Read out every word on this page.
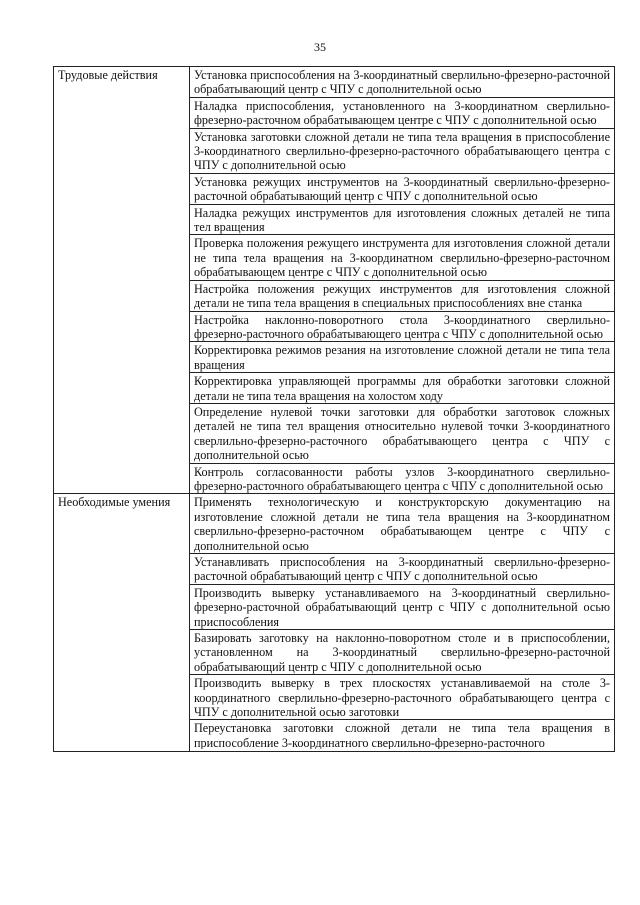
35
Трудовые действия	Установка приспособления на 3-координатный сверлильно-фрезерно-расточной обрабатывающий центр с ЧПУ с дополнительной осью
	Наладка приспособления, установленного на 3-координатном сверлильно-фрезерно-расточном обрабатывающем центре с ЧПУ с дополнительной осью
	Установка заготовки сложной детали не типа тела вращения в приспособление 3-координатного сверлильно-фрезерно-расточного обрабатывающего центра с ЧПУ с дополнительной осью
	Установка режущих инструментов на 3-координатный сверлильно-фрезерно-расточной обрабатывающий центр с ЧПУ с дополнительной осью
	Наладка режущих инструментов для изготовления сложных деталей не типа тел вращения
	Проверка положения режущего инструмента для изготовления сложной детали не типа тела вращения на 3-координатном сверлильно-фрезерно-расточном обрабатывающем центре с ЧПУ с дополнительной осью
	Настройка положения режущих инструментов для изготовления сложной детали не типа тела вращения в специальных приспособлениях вне станка
	Настройка наклонно-поворотного стола 3-координатного сверлильно-фрезерно-расточного обрабатывающего центра с ЧПУ с дополнительной осью
	Корректировка режимов резания на изготовление сложной детали не типа тела вращения
	Корректировка управляющей программы для обработки заготовки сложной детали не типа тела вращения на холостом ходу
	Определение нулевой точки заготовки для обработки заготовок сложных деталей не типа тел вращения относительно нулевой точки 3-координатного сверлильно-фрезерно-расточного обрабатывающего центра с ЧПУ с дополнительной осью
	Контроль согласованности работы узлов 3-координатного сверлильно-фрезерно-расточного обрабатывающего центра с ЧПУ с дополнительной осью
Необходимые умения	Применять технологическую и конструкторскую документацию на изготовление сложной детали не типа тела вращения на 3-координатном сверлильно-фрезерно-расточном обрабатывающем центре с ЧПУ с дополнительной осью
	Устанавливать приспособления на 3-координатный сверлильно-фрезерно-расточной обрабатывающий центр с ЧПУ с дополнительной осью
	Производить выверку устанавливаемого на 3-координатный сверлильно-фрезерно-расточной обрабатывающий центр с ЧПУ с дополнительной осью приспособления
	Базировать заготовку на наклонно-поворотном столе и в приспособлении, установленном на 3-координатный сверлильно-фрезерно-расточной обрабатывающий центр с ЧПУ с дополнительной осью
	Производить выверку в трех плоскостях устанавливаемой на столе 3-координатного сверлильно-фрезерно-расточного обрабатывающего центра с ЧПУ с дополнительной осью заготовки

	Переустановка заготовки сложной детали не типа тела вращения в приспособление 3-координатного сверлильно-фрезерно-расточного
